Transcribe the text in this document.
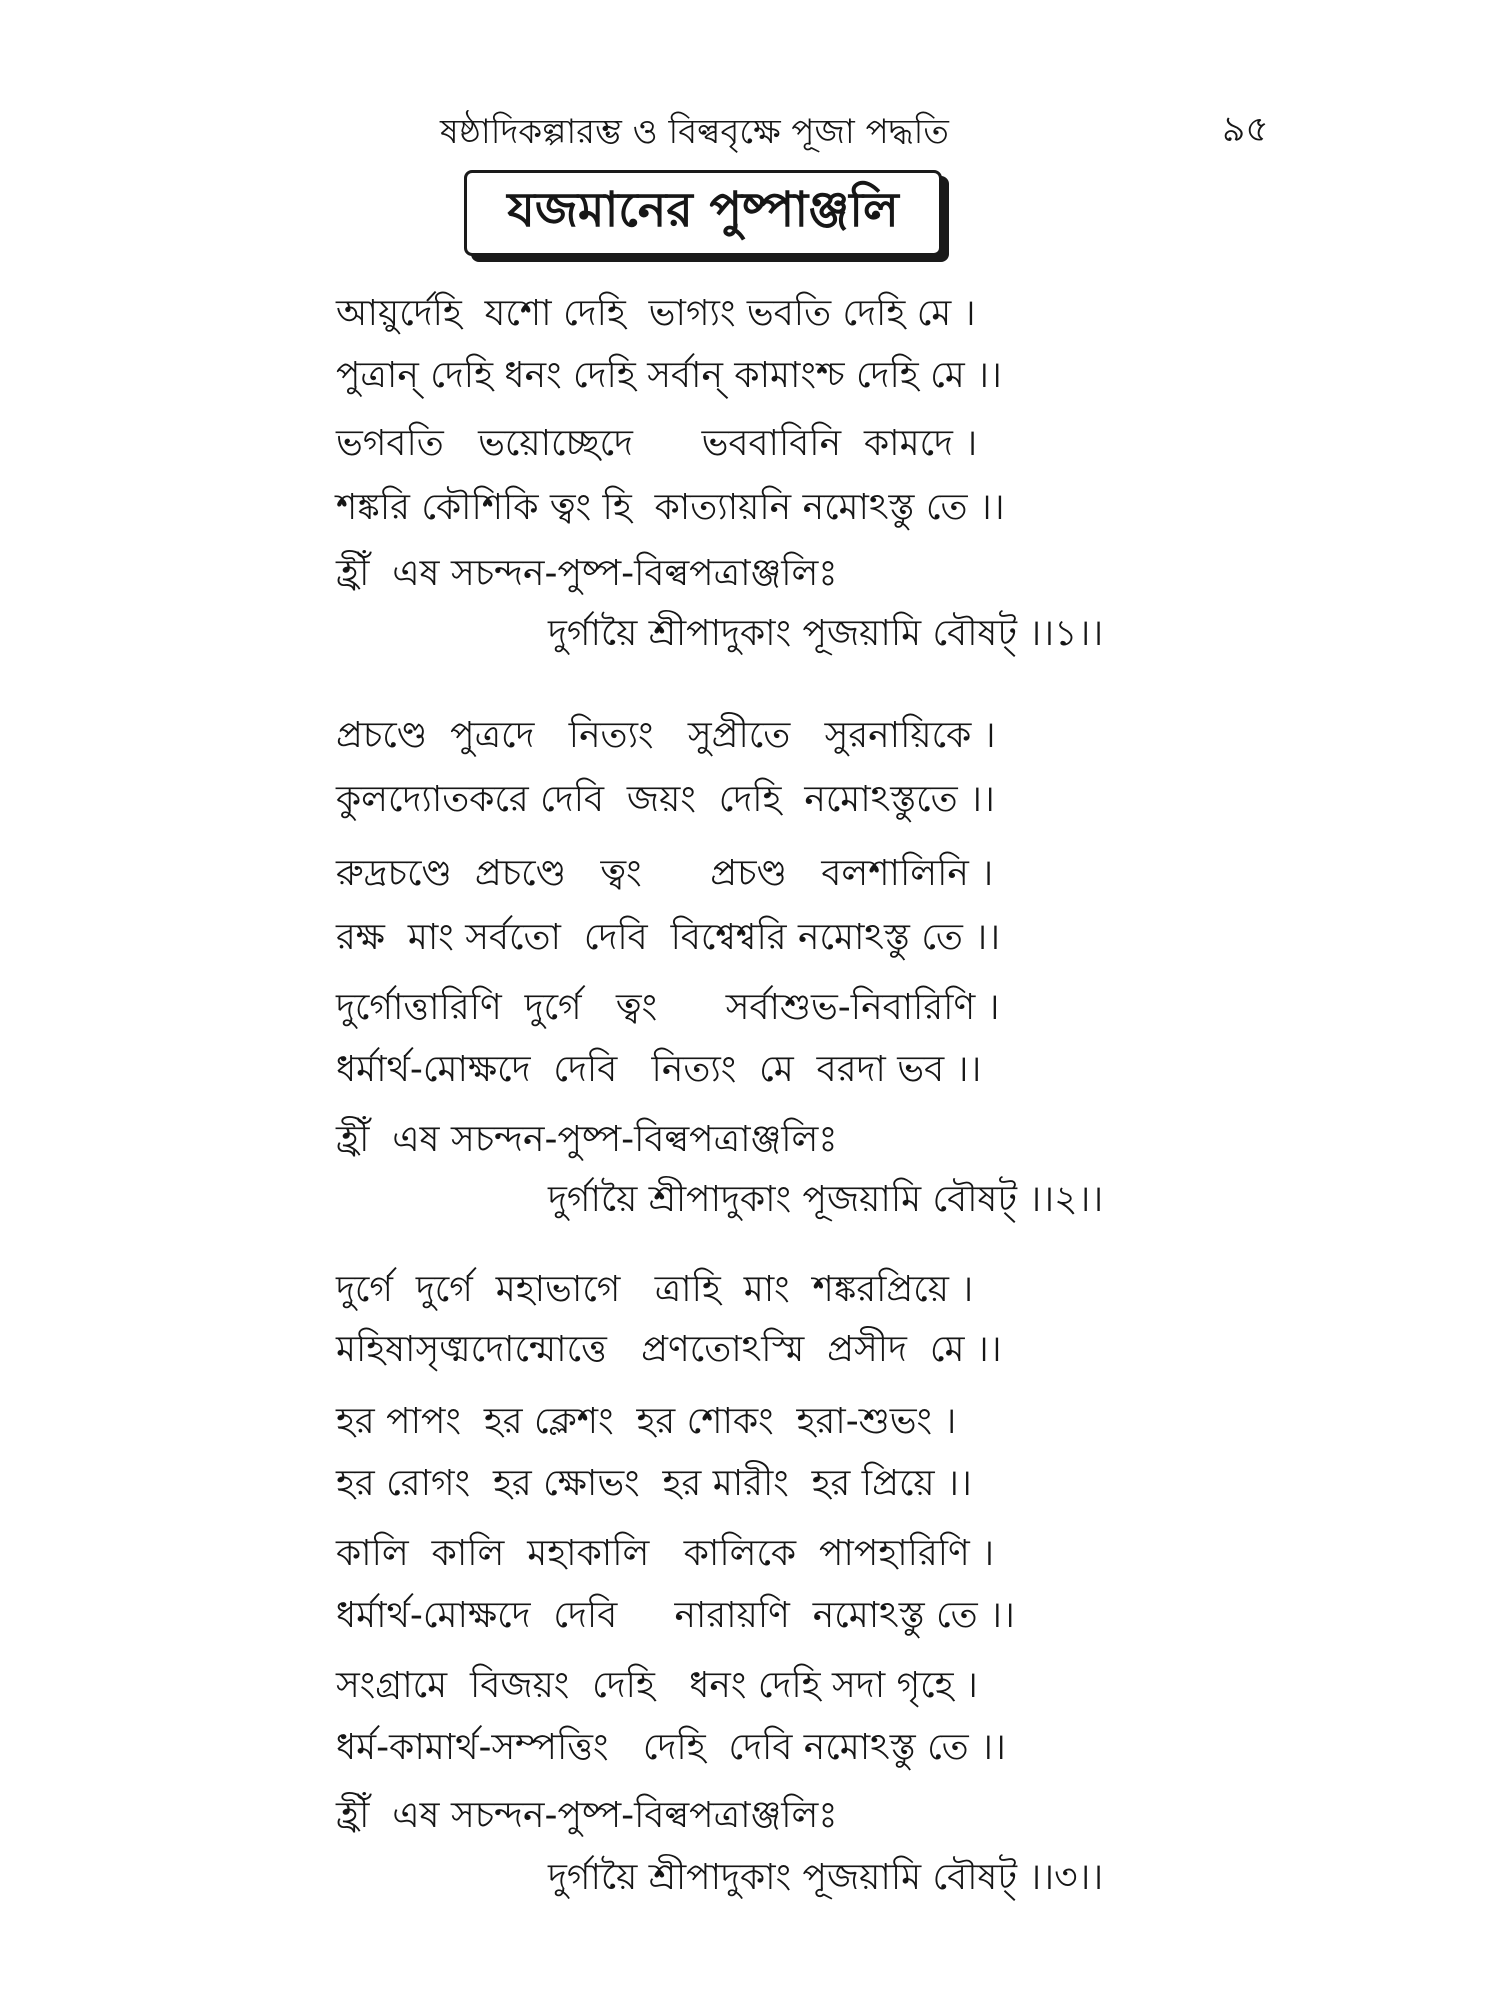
ষষ্ঠাদিকল্পারম্ভ ও বিল্ববৃক্ষে পূজা পদ্ধতি	৯৫
যজমানের পুষ্পাঞ্জলি
আয়ুর্দেহি  যশো দেহি  ভাগ্যং ভবতি দেহি মে ।
পুত্রান্ দেহি ধনং দেহি সর্বান্ কামাংশ্চ দেহি মে ।।
ভগবতি   ভয়োচ্ছেদে      ভববাবিনি  কামদে ।
শঙ্করি কৌশিকি ত্বং হি  কাত্যায়নি নমোঽস্তু তে ।।
হ্রীঁ  এষ সচন্দন-পুষ্প-বিল্বপত্রাঞ্জলিঃ
দুর্গায়ৈ শ্রীপাদুকাং পূজয়ামি বৌষট্ ।।১।।
প্রচণ্ডে  পুত্রদে   নিত্যং   সুপ্রীতে   সুরনায়িকে ।
কুলদ্যোতকরে দেবি  জয়ং  দেহি  নমোঽস্তুতে ।।
রুদ্রচণ্ডে  প্রচণ্ডে   ত্বং      প্রচণ্ড   বলশালিনি ।
রক্ষ  মাং সর্বতো  দেবি  বিশ্বেশ্বরি নমোঽস্তু তে ।।
দুর্গোত্তারিণি  দুর্গে   ত্বং      সর্বাশুভ-নিবারিণি ।
ধর্মার্থ-মোক্ষদে  দেবি   নিত্যং  মে  বরদা ভব ।।
হ্রীঁ  এষ সচন্দন-পুষ্প-বিল্বপত্রাঞ্জলিঃ
দুর্গায়ৈ শ্রীপাদুকাং পূজয়ামি বৌষট্ ।।২।।
দুর্গে  দুর্গে  মহাভাগে   ত্রাহি  মাং  শঙ্করপ্রিয়ে ।
মহিষাসৃঙ্মদোন্মোত্তে   প্রণতোঽস্মি  প্রসীদ  মে ।।
হর পাপং  হর ক্লেশং  হর শোকং  হরা-শুভং ।
হর রোগং  হর ক্ষোভং  হর মারীং  হর প্রিয়ে ।।
কালি  কালি  মহাকালি   কালিকে  পাপহারিণি ।
ধর্মার্থ-মোক্ষদে  দেবি     নারায়ণি  নমোঽস্তু তে ।।
সংগ্রামে  বিজয়ং  দেহি   ধনং দেহি সদা গৃহে ।
ধর্ম-কামার্থ-সম্পত্তিং   দেহি  দেবি নমোঽস্তু তে ।।
হ্রীঁ  এষ সচন্দন-পুষ্প-বিল্বপত্রাঞ্জলিঃ
দুর্গায়ৈ শ্রীপাদুকাং পূজয়ামি বৌষট্ ।।৩।।
